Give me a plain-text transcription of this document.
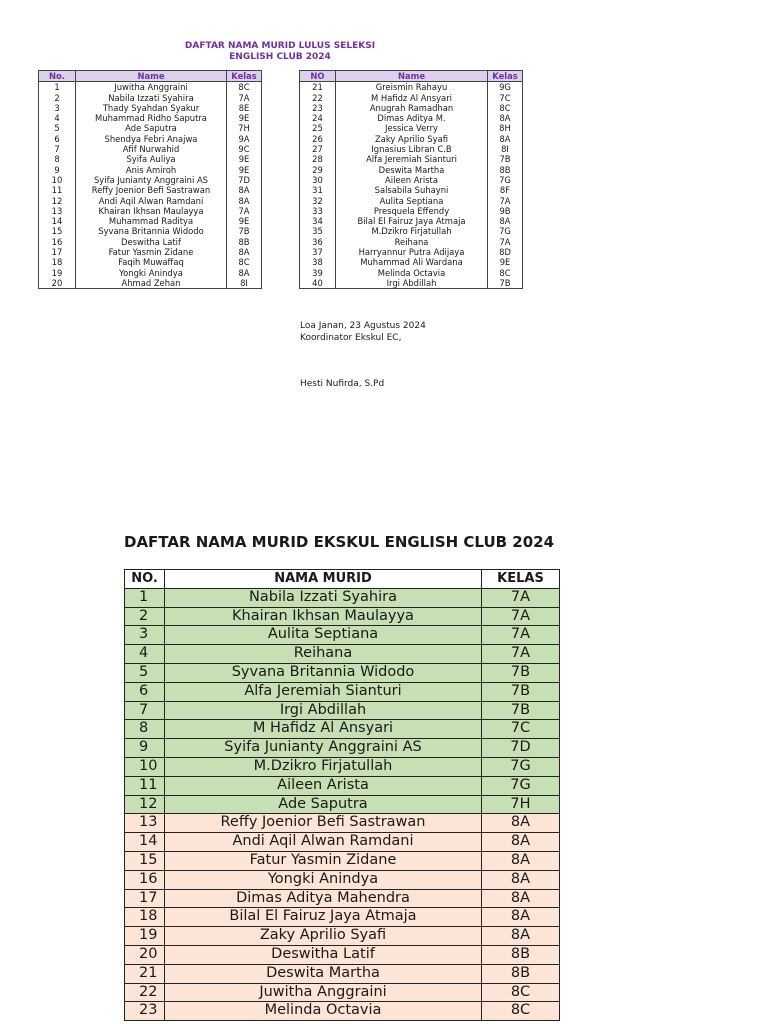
DAFTAR NAMA MURID LULUS SELEKSI
ENGLISH CLUB 2024
No.	Name	Kelas
1	Juwitha Anggraini	8C
2	Nabila Izzati Syahira	7A
3	Thady Syahdan Syakur	8E
4	Muhammad Ridho Saputra	9E
5	Ade Saputra	7H
6	Shendya Febri Anajwa	9A
7	Afif Nurwahid	9C
8	Syifa Auliya	9E
9	Anis Amiroh	9E
10	Syifa Junianty Anggraini AS	7D
11	Reffy Joenior Befi Sastrawan	8A
12	Andi Aqil Alwan Ramdani	8A
13	Khairan Ikhsan Maulayya	7A
14	Muhammad Raditya	9E
15	Syvana Britannia Widodo	7B
16	Deswitha Latif	8B
17	Fatur Yasmin Zidane	8A
18	Faqih Muwaffaq	8C
19	Yongki Anindya	8A
20	Ahmad Zehan	8I
NO	Name	Kelas
21	Greismin Rahayu	9G
22	M Hafidz Al Ansyari	7C
23	Anugrah Ramadhan	8C
24	Dimas Aditya M.	8A
25	Jessica Verry	8H
26	Zaky Aprilio Syafi	8A
27	Ignasius Libran C.B	8I
28	Alfa Jeremiah Sianturi	7B
29	Deswita Martha	8B
30	Aileen Arista	7G
31	Salsabila Suhayni	8F
32	Aulita Septiana	7A
33	Presquela Effendy	9B
34	Bilal El Fairuz Jaya Atmaja	8A
35	M.Dzikro Firjatullah	7G
36	Reihana	7A
37	Harryannur Putra Adijaya	8D
38	Muhammad Ali Wardana	9E
39	Melinda Octavia	8C
40	Irgi Abdillah	7B
Loa Janan, 23 Agustus 2024
Koordinator Ekskul EC,
Hesti Nufirda, S.Pd
DAFTAR NAMA MURID EKSKUL ENGLISH CLUB 2024
NO.	NAMA MURID	KELAS
1	Nabila Izzati Syahira	7A
2	Khairan Ikhsan Maulayya	7A
3	Aulita Septiana	7A
4	Reihana	7A
5	Syvana Britannia Widodo	7B
6	Alfa Jeremiah Sianturi	7B
7	Irgi Abdillah	7B
8	M Hafidz Al Ansyari	7C
9	Syifa Junianty Anggraini AS	7D
10	M.Dzikro Firjatullah	7G
11	Aileen Arista	7G
12	Ade Saputra	7H
13	Reffy Joenior Befi Sastrawan	8A
14	Andi Aqil Alwan Ramdani	8A
15	Fatur Yasmin Zidane	8A
16	Yongki Anindya	8A
17	Dimas Aditya Mahendra	8A
18	Bilal El Fairuz Jaya Atmaja	8A
19	Zaky Aprilio Syafi	8A
20	Deswitha Latif	8B
21	Deswita Martha	8B
22	Juwitha Anggraini	8C
23	Melinda Octavia	8C
